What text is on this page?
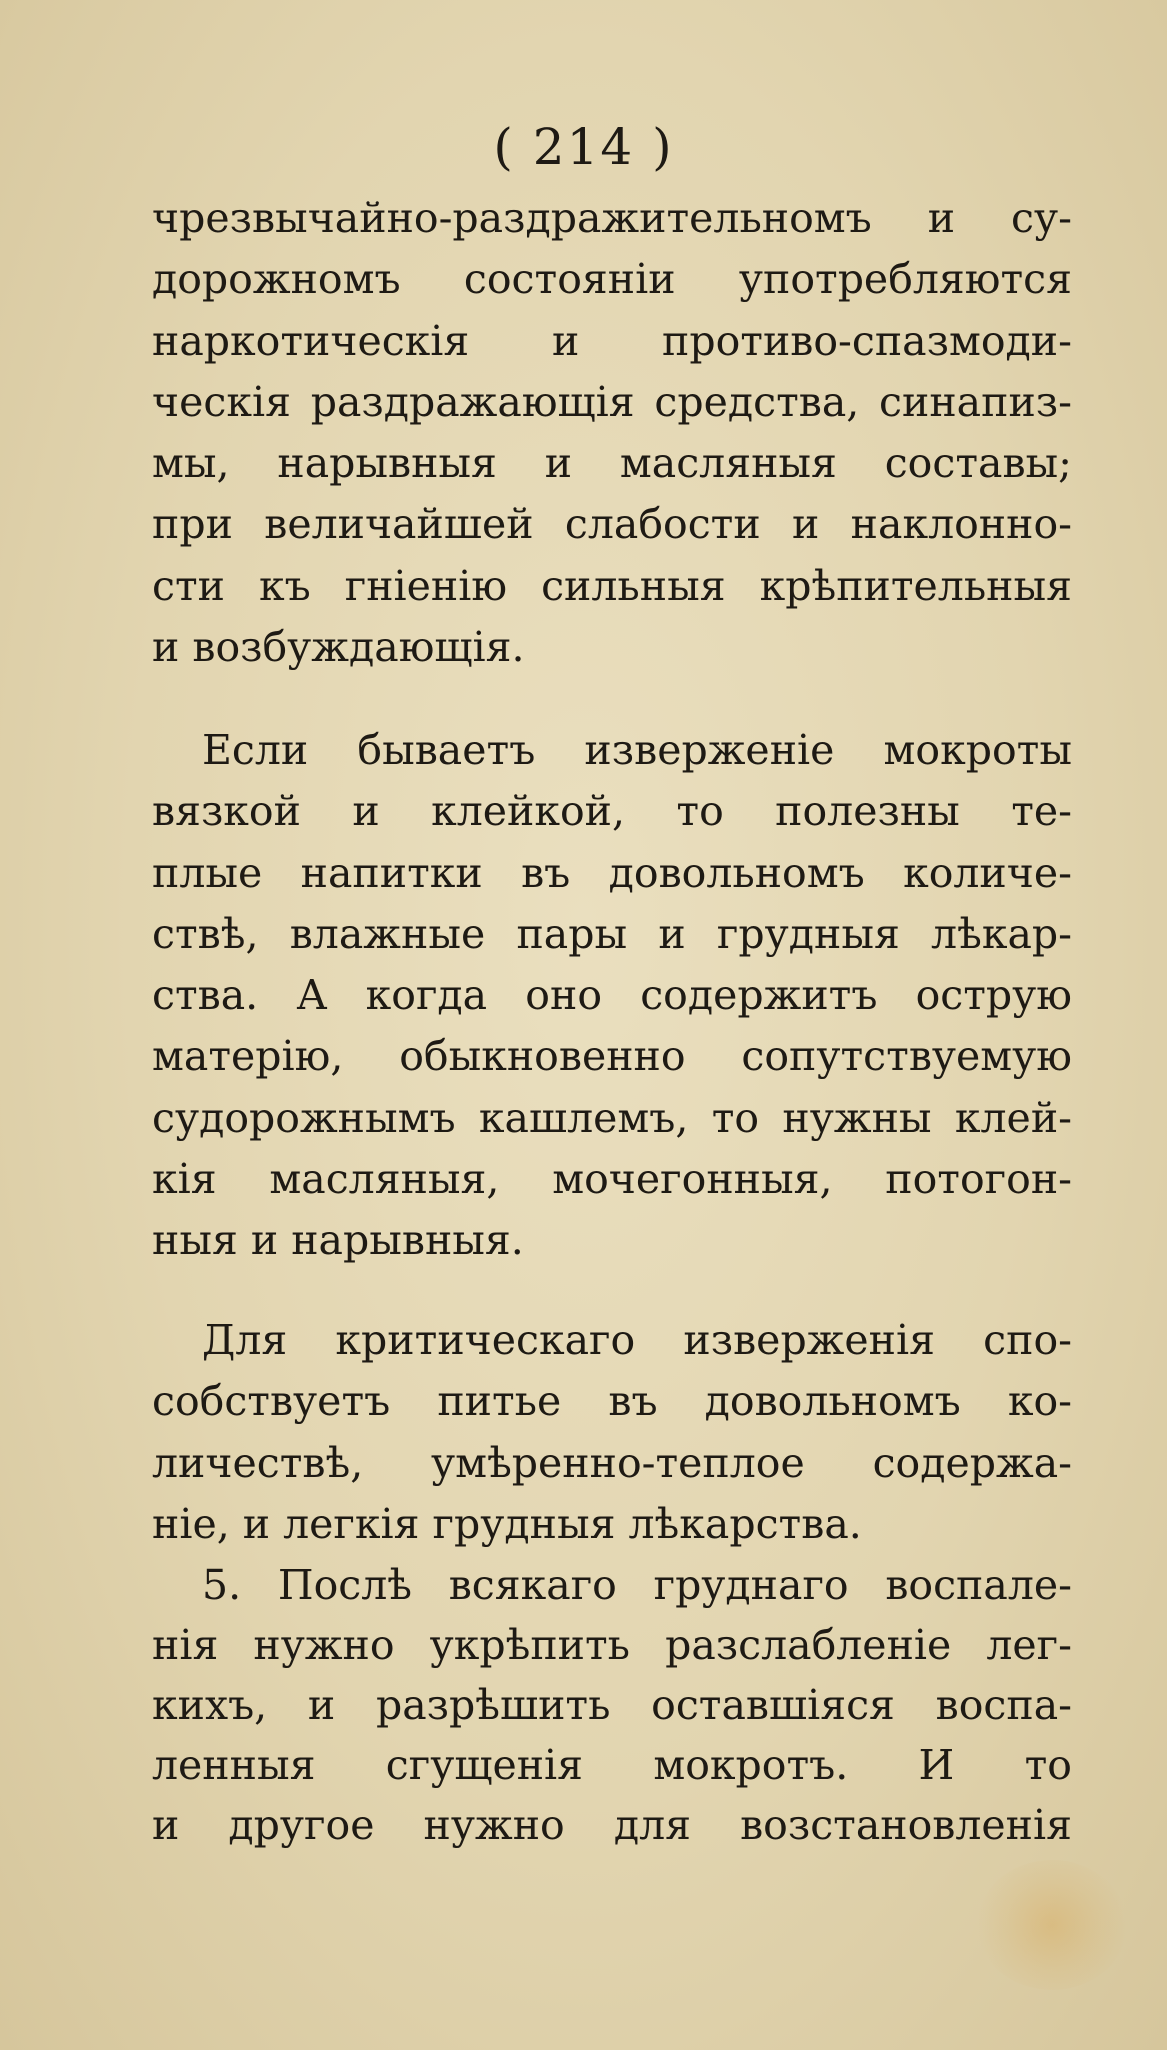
( 214 )
чрезвычайно-раздражительномъ и су-
дорожномъ состоянiи употребляются
наркотическiя и противо-спазмоди-
ческiя раздражающiя средства, синапиз-
мы, нарывныя и масляныя составы;
при величайшей слабости и наклонно-
сти къ гнiенiю сильныя крѣпительныя
и возбуждающiя.
Если бываетъ изверженiе мокроты
вязкой и клейкой, то полезны те-
плые напитки въ довольномъ количе-
ствѣ, влажные пары и грудныя лѣкар-
ства. А когда оно содержитъ острую
матерiю, обыкновенно сопутствуемую
судорожнымъ кашлемъ, то нужны клей-
кiя масляныя, мочегонныя, потогон-
ныя и нарывныя.
Для критическаго изверженiя спо-
собствуетъ питье въ довольномъ ко-
личествѣ, умѣренно-теплое содержа-
нiе, и легкiя грудныя лѣкарства.
5. Послѣ всякаго груднаго воспале-
нiя нужно укрѣпить разслабленiе лег-
кихъ, и разрѣшить оставшiяся воспа-
ленныя сгущенiя мокротъ. И то
и другое нужно для возстановленiя
